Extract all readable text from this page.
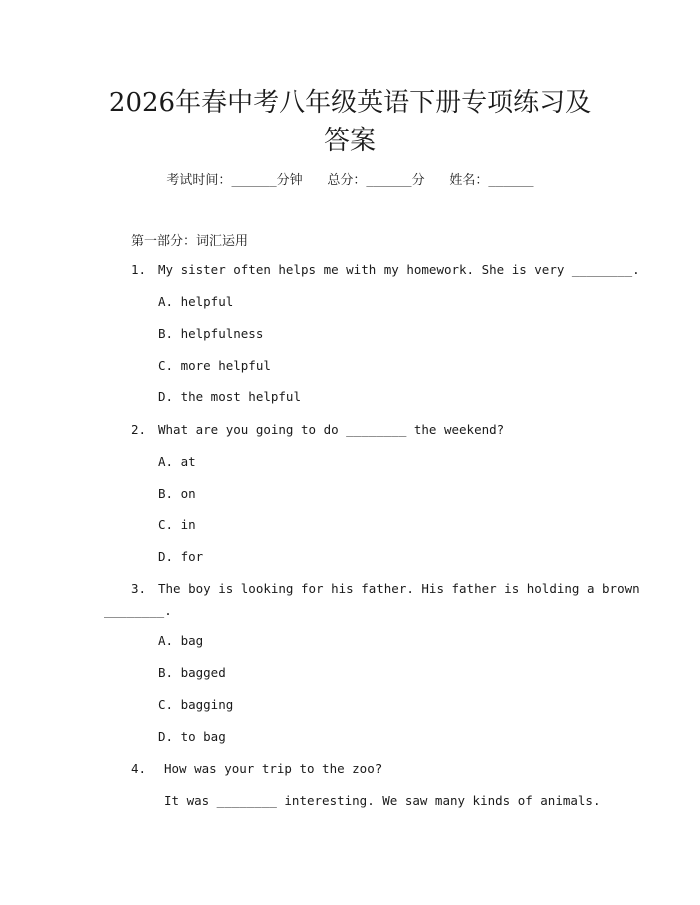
2026年春中考八年级英语下册专项练习及答案
考试时间：______分钟 总分：______分 姓名：______
第一部分：词汇运用
1. My sister often helps me with my homework. She is very ________.
A. helpful
B. helpfulness
C. more helpful
D. the most helpful
2. What are you going to do ________ the weekend?
A. at
B. on
C. in
D. for
3. The boy is looking for his father. His father is holding a brown
________.
A. bag
B. bagged
C. bagging
D. to bag
4. How was your trip to the zoo?
It was ________ interesting. We saw many kinds of animals.
